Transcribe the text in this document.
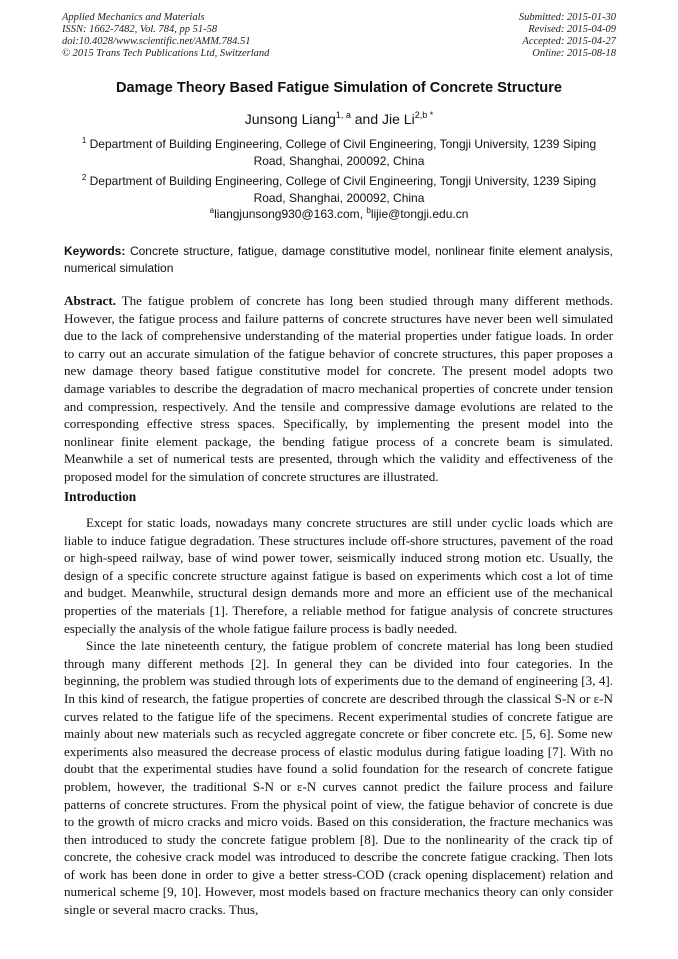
Applied Mechanics and Materials
ISSN: 1662-7482, Vol. 784, pp 51-58
doi:10.4028/www.scientific.net/AMM.784.51
© 2015 Trans Tech Publications Ltd, Switzerland
Submitted: 2015-01-30
Revised: 2015-04-09
Accepted: 2015-04-27
Online: 2015-08-18
Damage Theory Based Fatigue Simulation of Concrete Structure
Junsong Liang$^{1, a}$ and Jie $Li^{2,b *}$
$^1$ Department of Building Engineering, College of Civil Engineering, Tongji University, 1239 Siping Road, Shanghai, 200092, China
$^2$ Department of Building Engineering, College of Civil Engineering, Tongji University, 1239 Siping Road, Shanghai, 200092, China
$^a$liangjunsong930@163.com, $^b$lijie@tongji.edu.cn
Keywords: Concrete structure, fatigue, damage constitutive model, nonlinear finite element analysis, numerical simulation
Abstract. The fatigue problem of concrete has long been studied through many different methods. However, the fatigue process and failure patterns of concrete structures have never been well simulated due to the lack of comprehensive understanding of the material properties under fatigue loads. In order to carry out an accurate simulation of the fatigue behavior of concrete structures, this paper proposes a new damage theory based fatigue constitutive model for concrete. The present model adopts two damage variables to describe the degradation of macro mechanical properties of concrete under tension and compression, respectively. And the tensile and compressive damage evolutions are related to the corresponding effective stress spaces. Specifically, by implementing the present model into the nonlinear finite element package, the bending fatigue process of a concrete beam is simulated. Meanwhile a set of numerical tests are presented, through which the validity and effectiveness of the proposed model for the simulation of concrete structures are illustrated.
Introduction

Except for static loads, nowadays many concrete structures are still under cyclic loads which are liable to induce fatigue degradation. These structures include off-shore structures, pavement of the road or high-speed railway, base of wind power tower, seismically induced strong motion etc. Usually, the design of a specific concrete structure against fatigue is based on experiments which cost a lot of time and budget. Meanwhile, structural design demands more and more an efficient use of the mechanical properties of the materials [1]. Therefore, a reliable method for fatigue analysis of concrete structures especially the analysis of the whole fatigue failure process is badly needed.

Since the late nineteenth century, the fatigue problem of concrete material has long been studied through many different methods [2]. In general they can be divided into four categories. In the beginning, the problem was studied through lots of experiments due to the demand of engineering [3, 4]. In this kind of research, the fatigue properties of concrete are described through the classical S-N or ε-N curves related to the fatigue life of the specimens. Recent experimental studies of concrete fatigue are mainly about new materials such as recycled aggregate concrete or fiber concrete etc. [5, 6]. Some new experiments also measured the decrease process of elastic modulus during fatigue loading [7]. With no doubt that the experimental studies have found a solid foundation for the research of concrete fatigue problem, however, the traditional S-N or ε-N curves cannot predict the failure process and failure patterns of concrete structures. From the physical point of view, the fatigue behavior of concrete is due to the growth of micro cracks and micro voids. Based on this consideration, the fracture mechanics was then introduced to study the concrete fatigue problem [8]. Due to the nonlinearity of the crack tip of concrete, the cohesive crack model was introduced to describe the concrete fatigue cracking. Then lots of work has been done in order to give a better stress-COD (crack opening displacement) relation and numerical scheme [9, 10]. However, most models based on fracture mechanics theory can only consider single or several macro cracks. Thus,
